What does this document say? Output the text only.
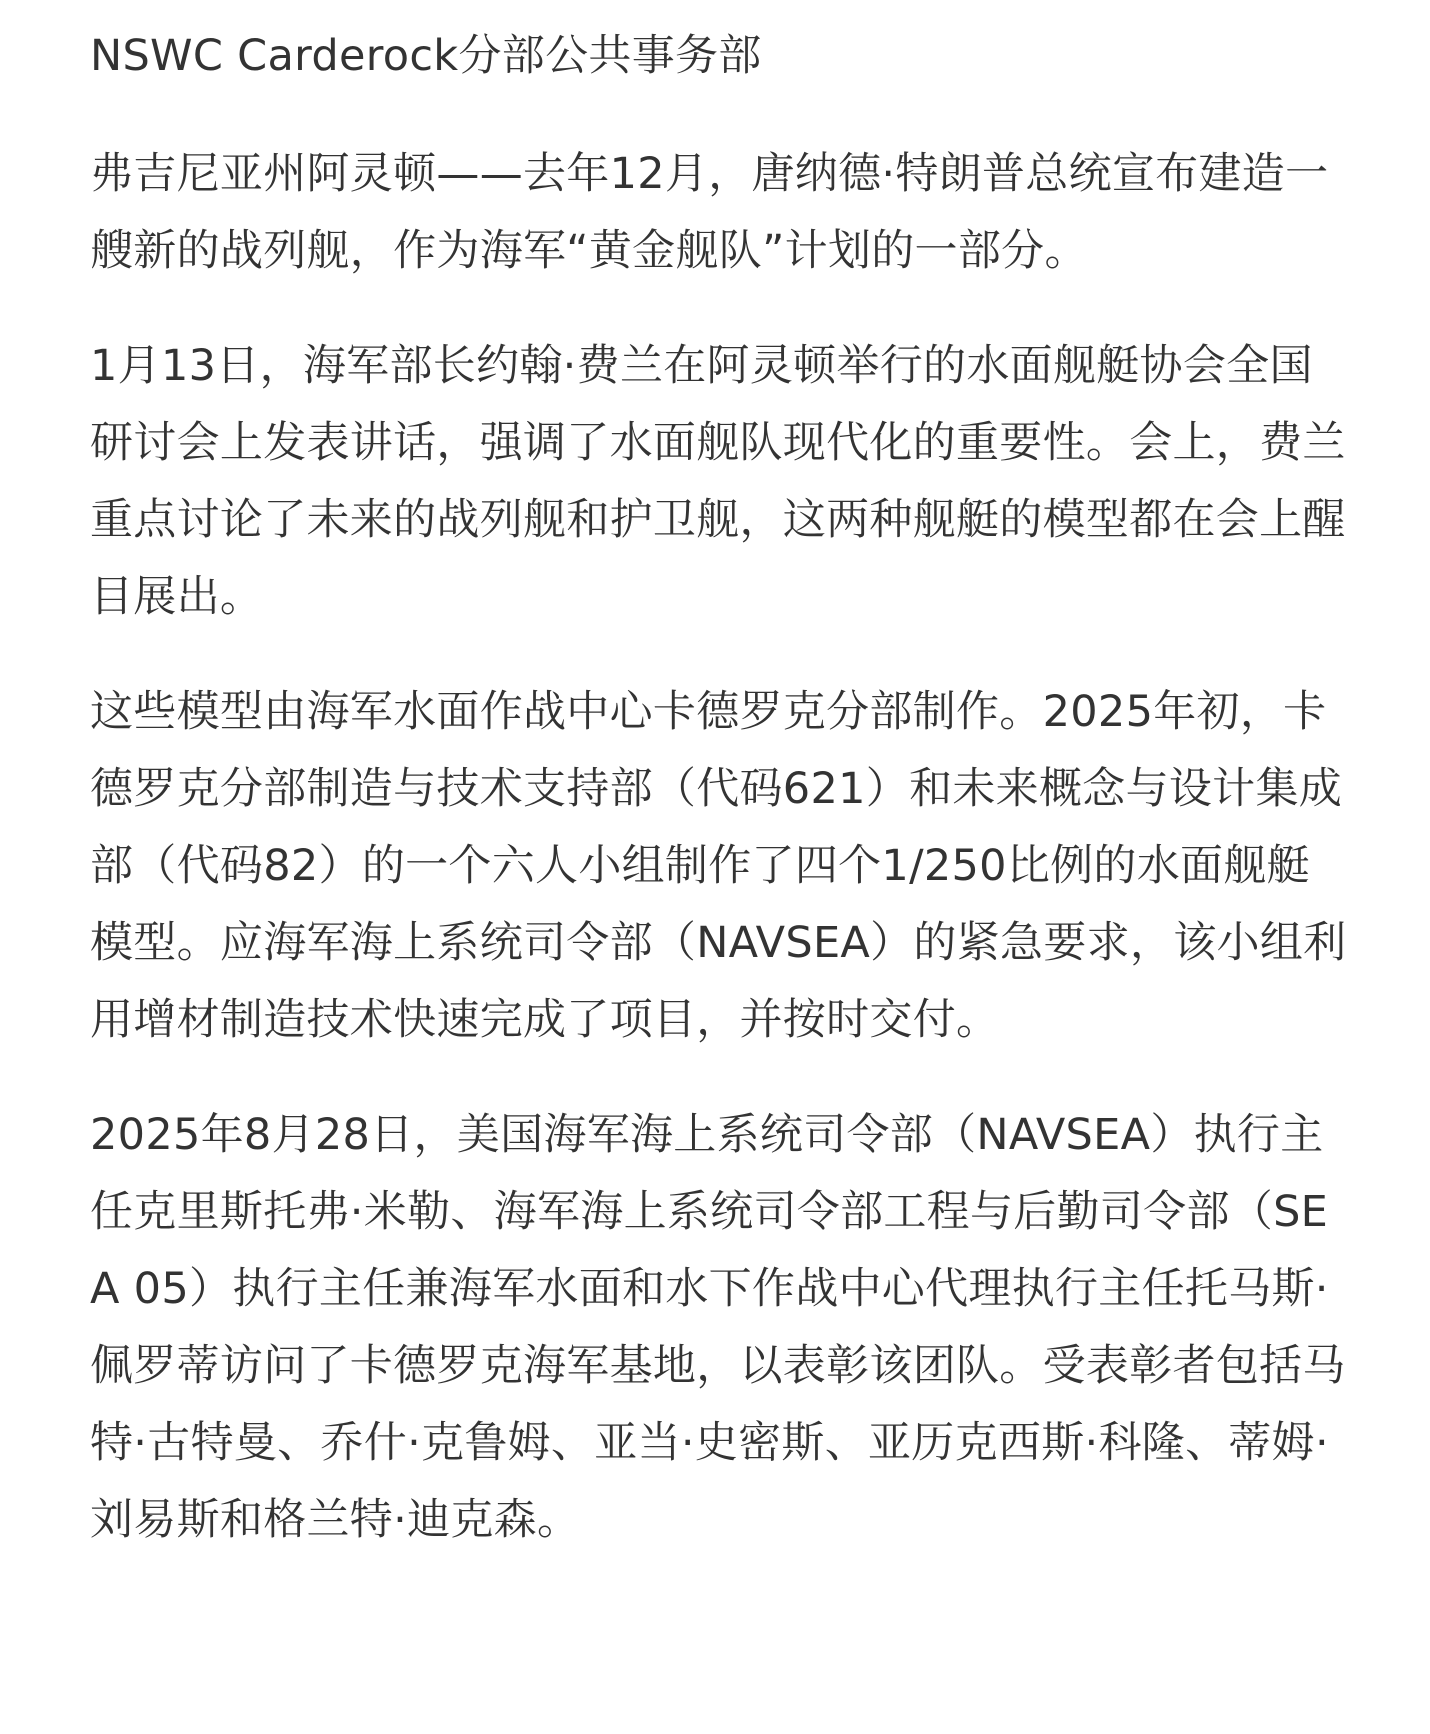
NSWC Carderock分部公共事务部

弗吉尼亚州阿灵顿——去年12月，唐纳德·特朗普总统宣布建造一艘新的战列舰，作为海军“黄金舰队”计划的一部分。

1月13日，海军部长约翰·费兰在阿灵顿举行的水面舰艇协会全国研讨会上发表讲话，强调了水面舰队现代化的重要性。会上，费兰重点讨论了未来的战列舰和护卫舰，这两种舰艇的模型都在会上醒目展出。

这些模型由海军水面作战中心卡德罗克分部制作。2025年初，卡德罗克分部制造与技术支持部（代码621）和未来概念与设计集成部（代码82）的一个六人小组制作了四个1/250比例的水面舰艇模型。应海军海上系统司令部（NAVSEA）的紧急要求，该小组利用增材制造技术快速完成了项目，并按时交付。

2025年8月28日，美国海军海上系统司令部（NAVSEA）执行主任克里斯托弗·米勒、海军海上系统司令部工程与后勤司令部（SEA 05）执行主任兼海军水面和水下作战中心代理执行主任托马斯·佩罗蒂访问了卡德罗克海军基地，以表彰该团队。受表彰者包括马特·古特曼、乔什·克鲁姆、亚当·史密斯、亚历克西斯·科隆、蒂姆·刘易斯和格兰特·迪克森。
